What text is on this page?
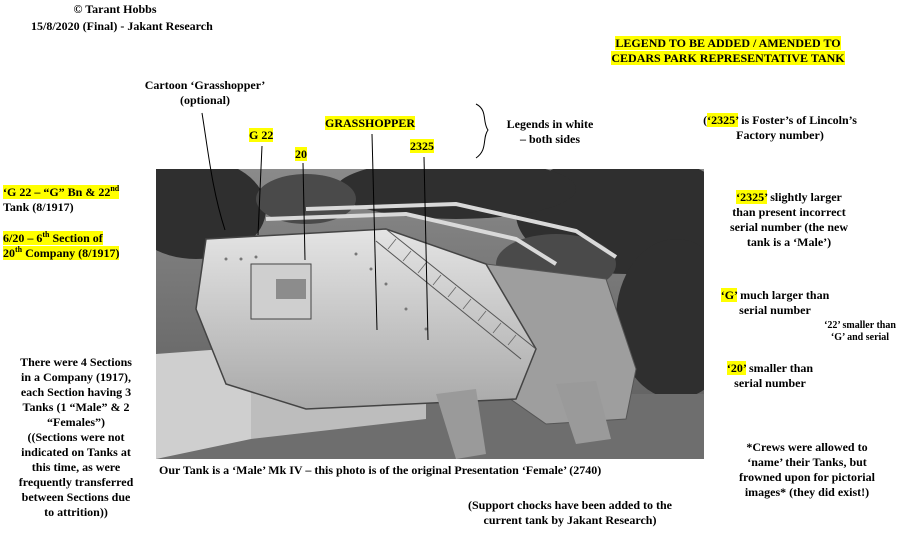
© Tarant Hobbs
15/8/2020 (Final) - Jakant Research
LEGEND TO BE ADDED / AMENDED TO
CEDARS PARK REPRESENTATIVE TANK
Cartoon ‘Grasshopper’
(optional)
G 22
20
GRASSHOPPER
2325
Legends in white
– both sides
‘G 22 – “G” Bn & 22nd
Tank (8/1917)
6/20 – 6th Section of
20th Company (8/1917)
There were 4 Sections
in a Company (1917),
each Section having 3
Tanks (1 “Male” & 2
“Females”)
((Sections were not
indicated on Tanks at
this time, as were
frequently transferred
between Sections due
to attrition))
(‘2325’ is Foster’s of Lincoln’s
Factory number)
‘2325’ slightly larger
than present incorrect
serial number (the new
tank is a ‘Male’)
‘G’ much larger than
serial number
‘22’ smaller than
‘G’ and serial
‘20’ smaller than
serial number
*Crews were allowed to
‘name’ their Tanks, but
frowned upon for pictorial
images* (they did exist!)
Our Tank is a ‘Male’ Mk IV – this photo is of the original Presentation ‘Female’ (2740)
(Support chocks have been added to the
current tank by Jakant Research)
